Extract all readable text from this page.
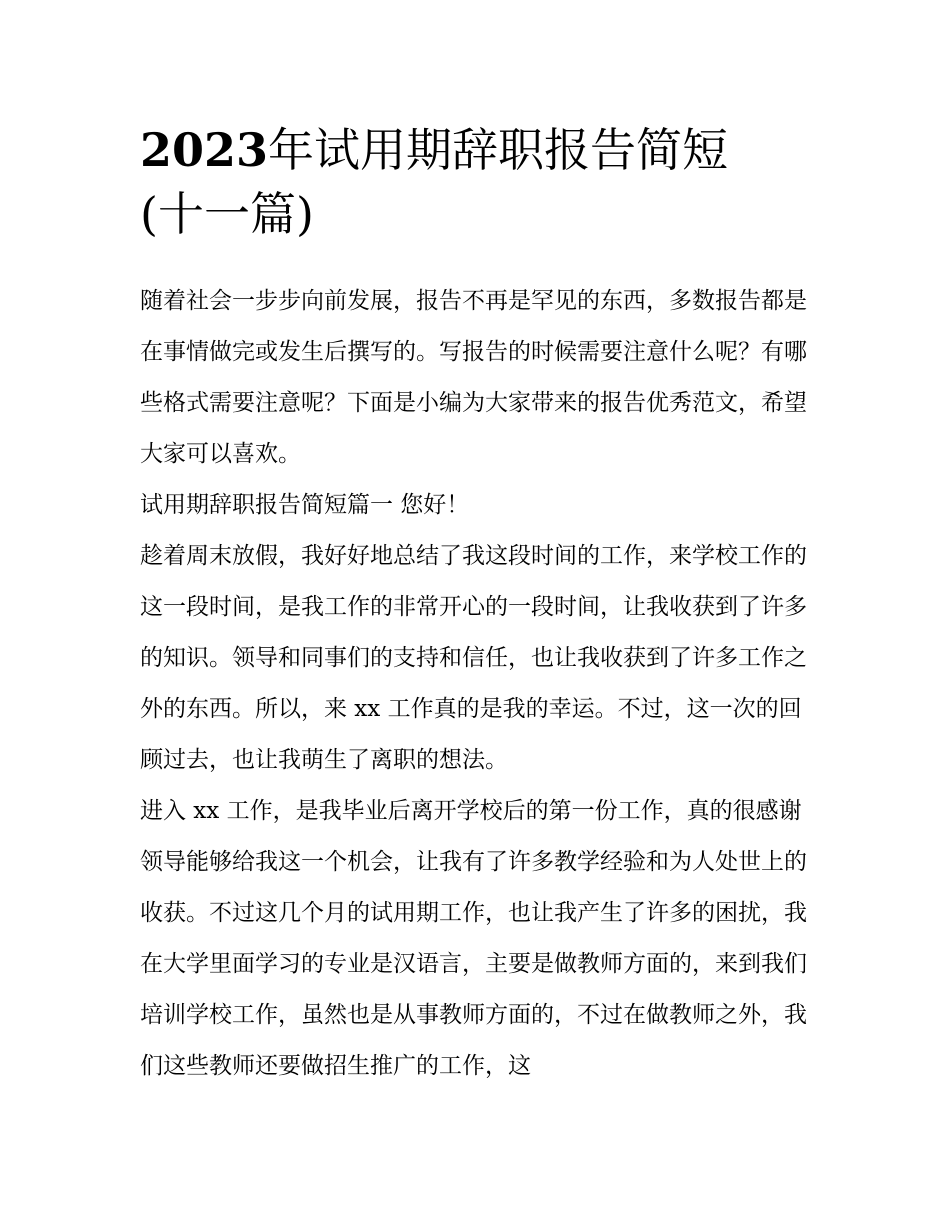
2023年试用期辞职报告简短
(十一篇)

随着社会一步步向前发展，报告不再是罕见的东西，多数报告都是在事情做完或发生后撰写的。写报告的时候需要注意什么呢？有哪些格式需要注意呢？下面是小编为大家带来的报告优秀范文，希望大家可以喜欢。

试用期辞职报告简短篇一 您好！

趁着周末放假，我好好地总结了我这段时间的工作，来学校工作的这一段时间，是我工作的非常开心的一段时间，让我收获到了许多的知识。领导和同事们的支持和信任，也让我收获到了许多工作之外的东西。所以，来 xx 工作真的是我的幸运。不过，这一次的回顾过去，也让我萌生了离职的想法。

进入 xx 工作，是我毕业后离开学校后的第一份工作，真的很感谢领导能够给我这一个机会，让我有了许多教学经验和为人处世上的收获。不过这几个月的试用期工作，也让我产生了许多的困扰，我在大学里面学习的专业是汉语言，主要是做教师方面的，来到我们培训学校工作，虽然也是从事教师方面的，不过在做教师之外，我们这些教师还要做招生推广的工作，这
